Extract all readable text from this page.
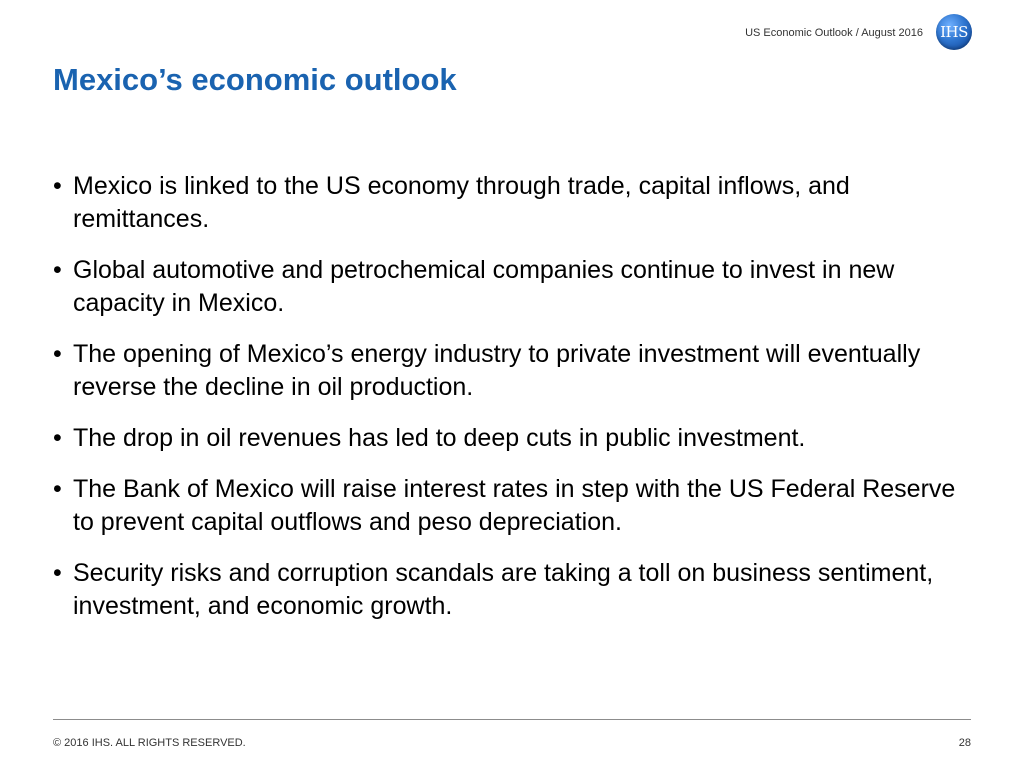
US Economic Outlook / August 2016 IHS
Mexico’s economic outlook
• Mexico is linked to the US economy through trade, capital inflows, and remittances.
• Global automotive and petrochemical companies continue to invest in new capacity in Mexico.
• The opening of Mexico’s energy industry to private investment will eventually reverse the decline in oil production.
• The drop in oil revenues has led to deep cuts in public investment.
• The Bank of Mexico will raise interest rates in step with the US Federal Reserve to prevent capital outflows and peso depreciation.
• Security risks and corruption scandals are taking a toll on business sentiment, investment, and economic growth.
© 2016 IHS. ALL RIGHTS RESERVED.	28
